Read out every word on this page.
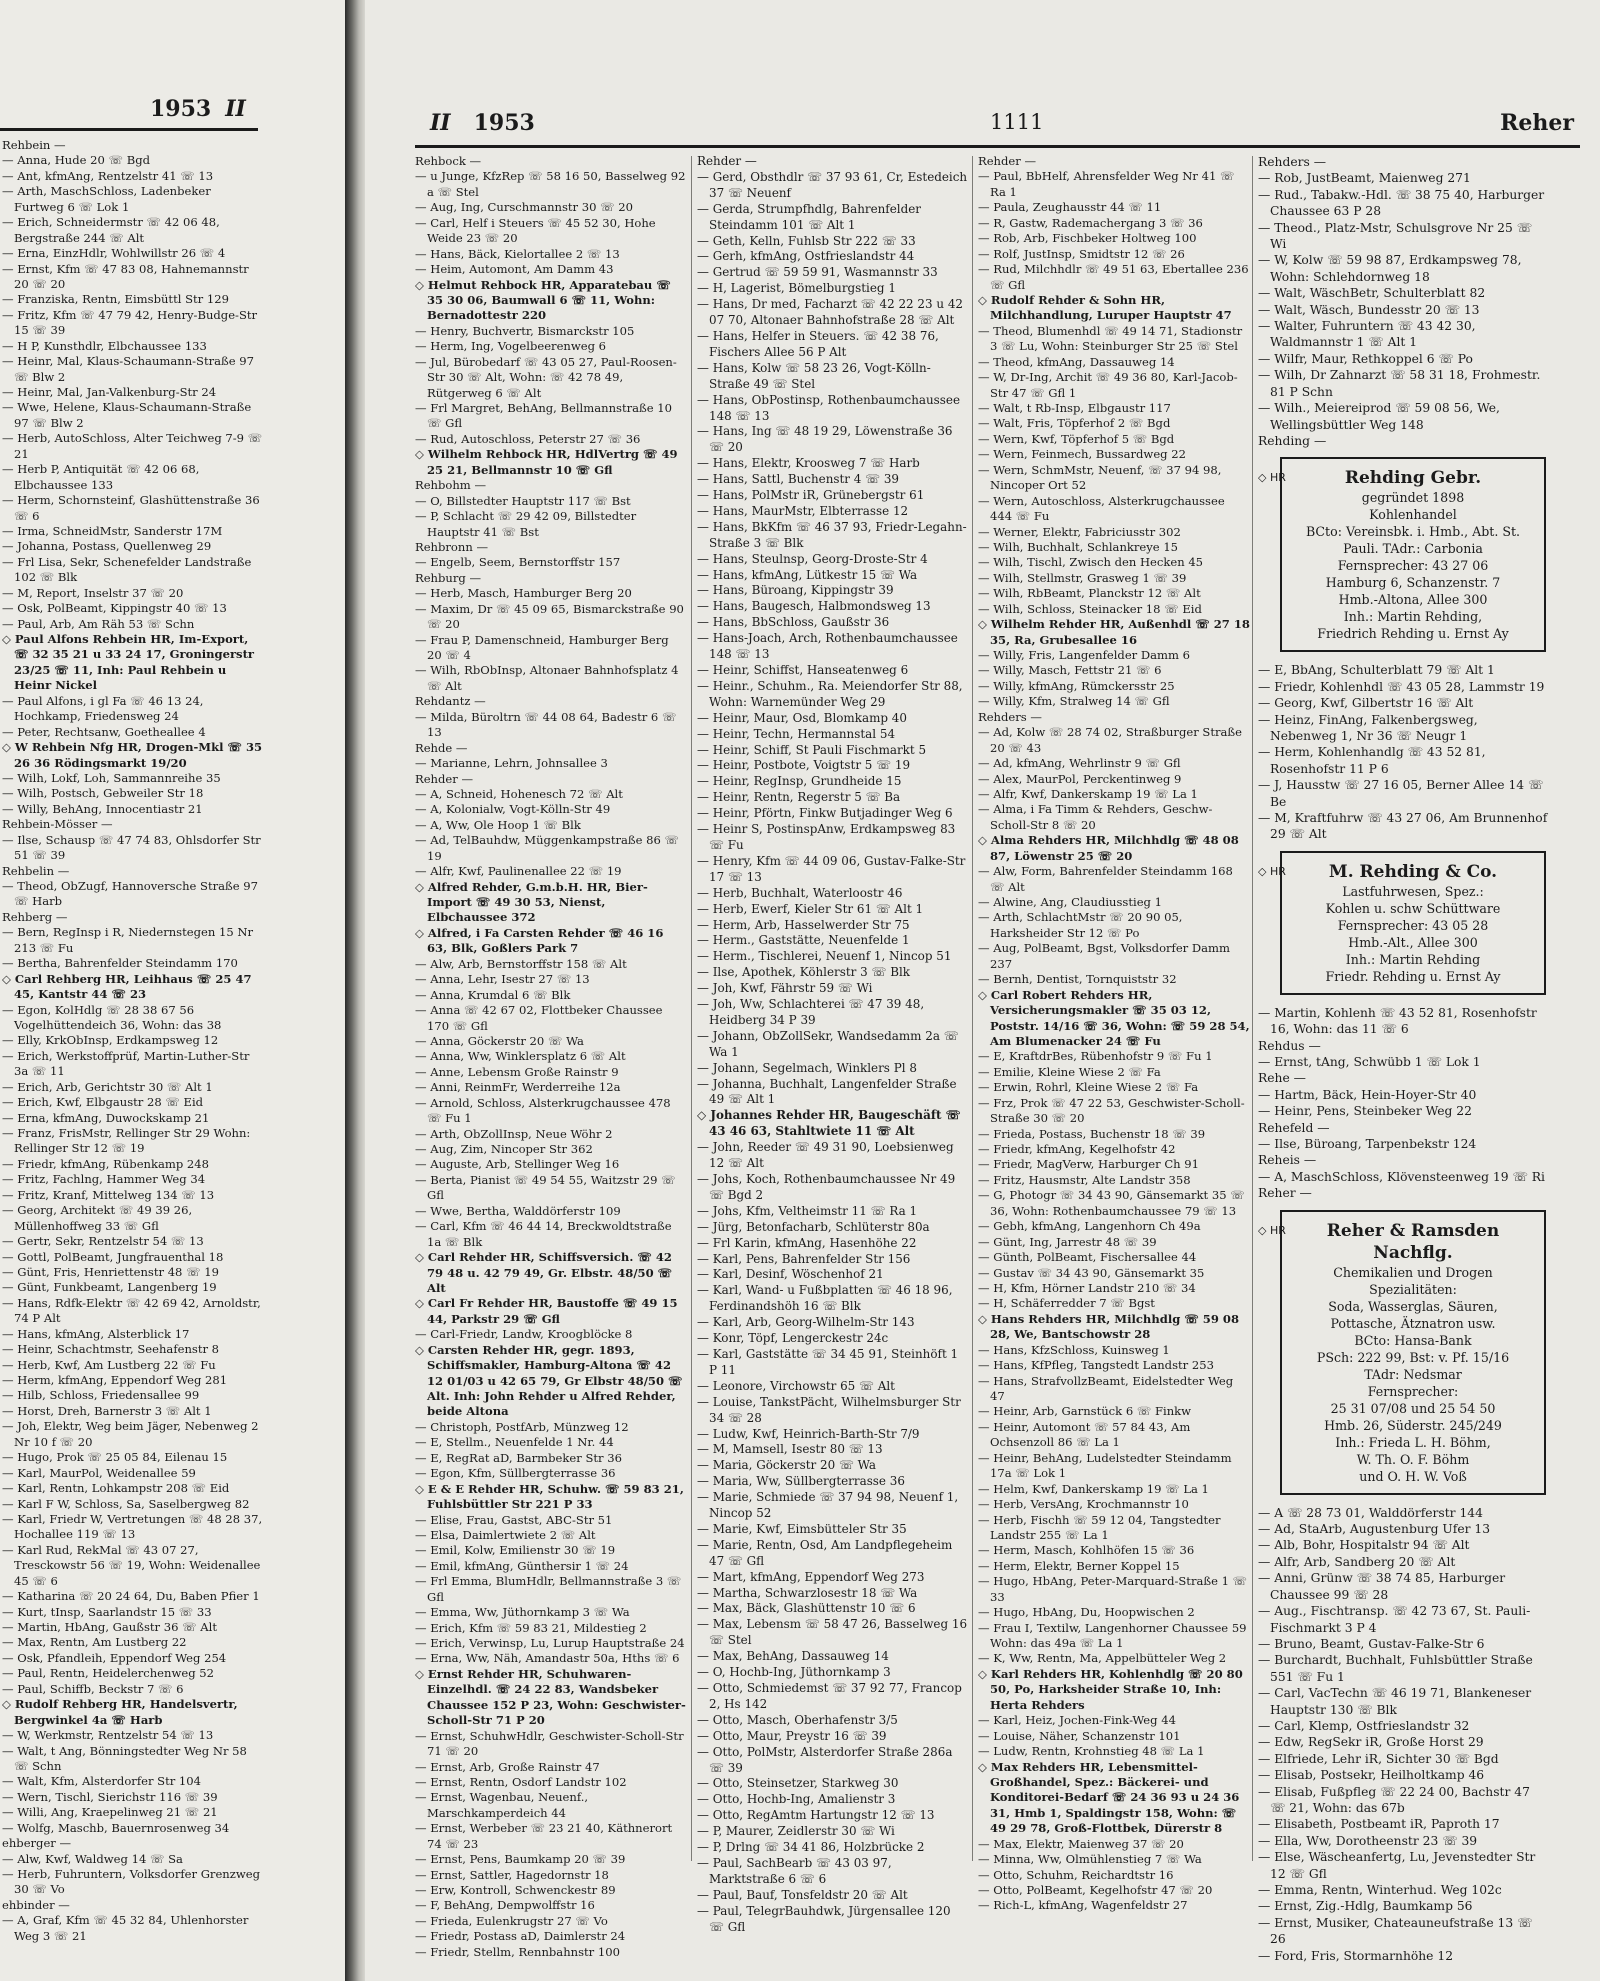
1953 II

Rehbein —

— Anna, Hude 20 ☏ Bgd

— Ant, kfmAng, Rentzelstr 41 ☏ 13

— Arth, MaschSchloss, Ladenbeker Furtweg 6 ☏ Lok 1

— Erich, Schneidermstr ☏ 42 06 48, Bergstraße 244 ☏ Alt

— Erna, EinzHdlr, Wohlwillstr 26 ☏ 4

— Ernst, Kfm ☏ 47 83 08, Hahnemannstr 20 ☏ 20

— Franziska, Rentn, Eimsbüttl Str 129

— Fritz, Kfm ☏ 47 79 42, Henry-Budge-Str 15 ☏ 39

— H P, Kunsthdlr, Elbchaussee 133

— Heinr, Mal, Klaus-Schaumann-Straße 97 ☏ Blw 2

— Heinr, Mal, Jan-Valkenburg-Str 24

— Wwe, Helene, Klaus-Schaumann-Straße 97 ☏ Blw 2

— Herb, AutoSchloss, Alter Teichweg 7-9 ☏ 21

— Herb P, Antiquität ☏ 42 06 68, Elbchaussee 133

— Herm, Schornsteinf, Glashüttenstraße 36 ☏ 6

— Irma, SchneidMstr, Sanderstr 17M

— Johanna, Postass, Quellenweg 29

— Frl Lisa, Sekr, Schenefelder Landstraße 102 ☏ Blk

— M, Report, Inselstr 37 ☏ 20

— Osk, PolBeamt, Kippingstr 40 ☏ 13

— Paul, Arb, Am Räh 53 ☏ Schn

◇ Paul Alfons Rehbein HR, Im-Export, ☏ 32 35 21 u 33 24 17, Groningerstr 23/25 ☏ 11, Inh: Paul Rehbein u Heinr Nickel

— Paul Alfons, i gl Fa ☏ 46 13 24, Hochkamp, Friedensweg 24

— Peter, Rechtsanw, Goetheallee 4

◇ W Rehbein Nfg HR, Drogen-Mkl ☏ 35 26 36 Rödingsmarkt 19/20

— Wilh, Lokf, Loh, Sammannreihe 35

— Wilh, Postsch, Gebweiler Str 18

— Willy, BehAng, Innocentiastr 21

Rehbein-Mösser —

— Ilse, Schausp ☏ 47 74 83, Ohlsdorfer Str 51 ☏ 39

Rehbelin —

— Theod, ObZugf, Hannoversche Straße 97 ☏ Harb

Rehberg —

— Bern, RegInsp i R, Niedernstegen 15 Nr 213 ☏ Fu

— Bertha, Bahrenfelder Steindamm 170

◇ Carl Rehberg HR, Leihhaus ☏ 25 47 45, Kantstr 44 ☏ 23

— Egon, KolHdlg ☏ 28 38 67 56 Vogelhüttendeich 36, Wohn: das 38

— Elly, KrkObInsp, Erdkampsweg 12

— Erich, Werkstoffprüf, Martin-Luther-Str 3a ☏ 11

— Erich, Arb, Gerichtstr 30 ☏ Alt 1

— Erich, Kwf, Elbgaustr 28 ☏ Eid

— Erna, kfmAng, Duwockskamp 21

— Franz, FrisMstr, Rellinger Str 29 Wohn: Rellinger Str 12 ☏ 19

— Friedr, kfmAng, Rübenkamp 248

— Fritz, Fachlng, Hammer Weg 34

— Fritz, Kranf, Mittelweg 134 ☏ 13

— Georg, Architekt ☏ 49 39 26, Müllenhoffweg 33 ☏ Gfl

— Gertr, Sekr, Rentzelstr 54 ☏ 13

— Gottl, PolBeamt, Jungfrauenthal 18

— Günt, Fris, Henriettenstr 48 ☏ 19

— Günt, Funkbeamt, Langenberg 19

— Hans, Rdfk-Elektr ☏ 42 69 42, Arnoldstr, 74 P Alt

— Hans, kfmAng, Alsterblick 17

— Heinr, Schachtmstr, Seehafenstr 8

— Herb, Kwf, Am Lustberg 22 ☏ Fu

— Herm, kfmAng, Eppendorf Weg 281

— Hilb, Schloss, Friedensallee 99

— Horst, Dreh, Barnerstr 3 ☏ Alt 1

— Joh, Elektr, Weg beim Jäger, Nebenweg 2 Nr 10 f ☏ 20

— Hugo, Prok ☏ 25 05 84, Eilenau 15

— Karl, MaurPol, Weidenallee 59

— Karl, Rentn, Lohkampstr 208 ☏ Eid

— Karl F W, Schloss, Sa, Saselbergweg 82

— Karl, Friedr W, Vertretungen ☏ 48 28 37, Hochallee 119 ☏ 13

— Karl Rud, RekMal ☏ 43 07 27, Tresckowstr 56 ☏ 19, Wohn: Weidenallee 45 ☏ 6

— Katharina ☏ 20 24 64, Du, Baben Pfier 1

— Kurt, tInsp, Saarlandstr 15 ☏ 33

— Martin, HbAng, Gaußstr 36 ☏ Alt

— Max, Rentn, Am Lustberg 22

— Osk, Pfandleih, Eppendorf Weg 254

— Paul, Rentn, Heidelerchenweg 52

— Paul, Schiffb, Beckstr 7 ☏ 6

◇ Rudolf Rehberg HR, Handelsvertr, Bergwinkel 4a ☏ Harb

— W, Werkmstr, Rentzelstr 54 ☏ 13

— Walt, t Ang, Bönningstedter Weg Nr 58 ☏ Schn

— Walt, Kfm, Alsterdorfer Str 104

— Wern, Tischl, Sierichstr 116 ☏ 39

— Willi, Ang, Kraepelinweg 21 ☏ 21

— Wolfg, Maschb, Bauernrosenweg 34

ehberger —

— Alw, Kwf, Waldweg 14 ☏ Sa

— Herb, Fuhruntern, Volksdorfer Grenzweg 30 ☏ Vo

ehbinder —

— A, Graf, Kfm ☏ 45 32 84, Uhlenhorster Weg 3 ☏ 21

II 1953	1111	Reher

Rehbock —

— u Junge, KfzRep ☏ 58 16 50, Basselweg 92 a ☏ Stel

— Aug, Ing, Curschmannstr 30 ☏ 20

— Carl, Helf i Steuers ☏ 45 52 30, Hohe Weide 23 ☏ 20

— Hans, Bäck, Kielortallee 2 ☏ 13

— Heim, Automont, Am Damm 43

◇ Helmut Rehbock HR, Apparatebau ☏ 35 30 06, Baumwall 6 ☏ 11, Wohn: Bernadottestr 220

— Henry, Buchvertr, Bismarckstr 105

— Herm, Ing, Vogelbeerenweg 6

— Jul, Bürobedarf ☏ 43 05 27, Paul-Roosen-Str 30 ☏ Alt, Wohn: ☏ 42 78 49, Rütgerweg 6 ☏ Alt

— Frl Margret, BehAng, Bellmannstraße 10 ☏ Gfl

— Rud, Autoschloss, Peterstr 27 ☏ 36

◇ Wilhelm Rehbock HR, HdlVertrg ☏ 49 25 21, Bellmannstr 10 ☏ Gfl

Rehbohm —

— O, Billstedter Hauptstr 117 ☏ Bst

— P, Schlacht ☏ 29 42 09, Billstedter Hauptstr 41 ☏ Bst

Rehbronn —

— Engelb, Seem, Bernstorffstr 157

Rehburg —

— Herb, Masch, Hamburger Berg 20

— Maxim, Dr ☏ 45 09 65, Bismarckstraße 90 ☏ 20

— Frau P, Damenschneid, Hamburger Berg 20 ☏ 4

— Wilh, RbObInsp, Altonaer Bahnhofsplatz 4 ☏ Alt

Rehdantz —

— Milda, Büroltrn ☏ 44 08 64, Badestr 6 ☏ 13

Rehde —

— Marianne, Lehrn, Johnsallee 3

Rehder —

— A, Schneid, Hohenesch 72 ☏ Alt

— A, Kolonialw, Vogt-Kölln-Str 49

— A, Ww, Ole Hoop 1 ☏ Blk

— Ad, TelBauhdw, Müggenkampstraße 86 ☏ 19

— Alfr, Kwf, Paulinenallee 22 ☏ 19

◇ Alfred Rehder, G.m.b.H. HR, Bier-Import ☏ 49 30 53, Nienst, Elbchaussee 372

◇ Alfred, i Fa Carsten Rehder ☏ 46 16 63, Blk, Goßlers Park 7

— Alw, Arb, Bernstorffstr 158 ☏ Alt

— Anna, Lehr, Isestr 27 ☏ 13

— Anna, Krumdal 6 ☏ Blk

— Anna ☏ 42 67 02, Flottbeker Chaussee 170 ☏ Gfl

— Anna, Göckerstr 20 ☏ Wa

— Anna, Ww, Winklersplatz 6 ☏ Alt

— Anne, Lebensm Große Rainstr 9

— Anni, ReinmFr, Werderreihe 12a

— Arnold, Schloss, Alsterkrugchaussee 478 ☏ Fu 1

— Arth, ObZollInsp, Neue Wöhr 2

— Aug, Zim, Nincoper Str 362

— Auguste, Arb, Stellinger Weg 16

— Berta, Pianist ☏ 49 54 55, Waitzstr 29 ☏ Gfl

— Wwe, Bertha, Walddörferstr 109

— Carl, Kfm ☏ 46 44 14, Breckwoldtstraße 1a ☏ Blk

◇ Carl Rehder HR, Schiffsversich. ☏ 42 79 48 u. 42 79 49, Gr. Elbstr. 48/50 ☏ Alt

◇ Carl Fr Rehder HR, Baustoffe ☏ 49 15 44, Parkstr 29 ☏ Gfl

— Carl-Friedr, Landw, Kroogblöcke 8

◇ Carsten Rehder HR, gegr. 1893, Schiffsmakler, Hamburg-Altona ☏ 42 12 01/03 u 42 65 79, Gr Elbstr 48/50 ☏ Alt. Inh: John Rehder u Alfred Rehder, beide Altona

— Christoph, PostfArb, Münzweg 12

— E, Stellm., Neuenfelde 1 Nr. 44

— E, RegRat aD, Barmbeker Str 36

— Egon, Kfm, Süllbergterrasse 36

◇ E & E Rehder HR, Schuhw. ☏ 59 83 21, Fuhlsbüttler Str 221 P 33

— Elise, Frau, Gastst, ABC-Str 51

— Elsa, Daimlertwiete 2 ☏ Alt

— Emil, Kolw, Emilienstr 30 ☏ 19

— Emil, kfmAng, Günthersir 1 ☏ 24

— Frl Emma, BlumHdlr, Bellmannstraße 3 ☏ Gfl

— Emma, Ww, Jüthornkamp 3 ☏ Wa

— Erich, Kfm ☏ 59 83 21, Mildestieg 2

— Erich, Verwinsp, Lu, Lurup Hauptstraße 24

— Erna, Ww, Näh, Amandastr 50a, Hths ☏ 6

◇ Ernst Rehder HR, Schuhwaren-Einzelhdl. ☏ 24 22 83, Wandsbeker Chaussee 152 P 23, Wohn: Geschwister-Scholl-Str 71 P 20

— Ernst, SchuhwHdlr, Geschwister-Scholl-Str 71 ☏ 20

— Ernst, Arb, Große Rainstr 47

— Ernst, Rentn, Osdorf Landstr 102

— Ernst, Wagenbau, Neuenf., Marschkamperdeich 44

— Ernst, Werbeber ☏ 23 21 40, Käthnerort 74 ☏ 23

— Ernst, Pens, Baumkamp 20 ☏ 39

— Ernst, Sattler, Hagedornstr 18

— Erw, Kontroll, Schwenckestr 89

— F, BehAng, Dempwolffstr 16

— Frieda, Eulenkrugstr 27 ☏ Vo

— Friedr, Postass aD, Daimlerstr 24

— Friedr, Stellm, Rennbahnstr 100

Rehder —

— Gerd, Obsthdlr ☏ 37 93 61, Cr, Estedeich 37 ☏ Neuenf

— Gerda, Strumpfhdlg, Bahrenfelder Steindamm 101 ☏ Alt 1

— Geth, Kelln, Fuhlsb Str 222 ☏ 33

— Gerh, kfmAng, Ostfrieslandstr 44

— Gertrud ☏ 59 59 91, Wasmannstr 33

— H, Lagerist, Bömelburgstieg 1

— Hans, Dr med, Facharzt ☏ 42 22 23 u 42 07 70, Altonaer Bahnhofstraße 28 ☏ Alt

— Hans, Helfer in Steuers. ☏ 42 38 76, Fischers Allee 56 P Alt

— Hans, Kolw ☏ 58 23 26, Vogt-Kölln-Straße 49 ☏ Stel

— Hans, ObPostinsp, Rothenbaumchaussee 148 ☏ 13

— Hans, Ing ☏ 48 19 29, Löwenstraße 36 ☏ 20

— Hans, Elektr, Kroosweg 7 ☏ Harb

— Hans, Sattl, Buchenstr 4 ☏ 39

— Hans, PolMstr iR, Grünebergstr 61

— Hans, MaurMstr, Elbterrasse 12

— Hans, BkKfm ☏ 46 37 93, Friedr-Legahn-Straße 3 ☏ Blk

— Hans, Steulnsp, Georg-Droste-Str 4

— Hans, kfmAng, Lütkestr 15 ☏ Wa

— Hans, Büroang, Kippingstr 39

— Hans, Baugesch, Halbmondsweg 13

— Hans, BbSchloss, Gaußstr 36

— Hans-Joach, Arch, Rothenbaumchaussee 148 ☏ 13

— Heinr, Schiffst, Hanseatenweg 6

— Heinr., Schuhm., Ra. Meiendorfer Str 88, Wohn: Warnemünder Weg 29

— Heinr, Maur, Osd, Blomkamp 40

— Heinr, Techn, Hermannstal 54

— Heinr, Schiff, St Pauli Fischmarkt 5

— Heinr, Postbote, Voigtstr 5 ☏ 19

— Heinr, RegInsp, Grundheide 15

— Heinr, Rentn, Regerstr 5 ☏ Ba

— Heinr, Pförtn, Finkw Butjadinger Weg 6

— Heinr S, PostinspAnw, Erdkampsweg 83 ☏ Fu

— Henry, Kfm ☏ 44 09 06, Gustav-Falke-Str 17 ☏ 13

— Herb, Buchhalt, Waterloostr 46

— Herb, Ewerf, Kieler Str 61 ☏ Alt 1

— Herm, Arb, Hasselwerder Str 75

— Herm., Gaststätte, Neuenfelde 1

— Herm., Tischlerei, Neuenf 1, Nincop 51

— Ilse, Apothek, Köhlerstr 3 ☏ Blk

— Joh, Kwf, Fährstr 59 ☏ Wi

— Joh, Ww, Schlachterei ☏ 47 39 48, Heidberg 34 P 39

— Johann, ObZollSekr, Wandsedamm 2a ☏ Wa 1

— Johann, Segelmach, Winklers Pl 8

— Johanna, Buchhalt, Langenfelder Straße 49 ☏ Alt 1

◇ Johannes Rehder HR, Baugeschäft ☏ 43 46 63, Stahltwiete 11 ☏ Alt

— John, Reeder ☏ 49 31 90, Loebsienweg 12 ☏ Alt

— Johs, Koch, Rothenbaumchaussee Nr 49 ☏ Bgd 2

— Johs, Kfm, Veltheimstr 11 ☏ Ra 1

— Jürg, Betonfacharb, Schlüterstr 80a

— Frl Karin, kfmAng, Hasenhöhe 22

— Karl, Pens, Bahrenfelder Str 156

— Karl, Desinf, Wöschenhof 21

— Karl, Wand- u Fußbplatten ☏ 46 18 96, Ferdinandshöh 16 ☏ Blk

— Karl, Arb, Georg-Wilhelm-Str 143

— Konr, Töpf, Lengerckestr 24c

— Karl, Gaststätte ☏ 34 45 91, Steinhöft 1 P 11

— Leonore, Virchowstr 65 ☏ Alt

— Louise, TankstPächt, Wilhelmsburger Str 34 ☏ 28

— Ludw, Kwf, Heinrich-Barth-Str 7/9

— M, Mamsell, Isestr 80 ☏ 13

— Maria, Göckerstr 20 ☏ Wa

— Maria, Ww, Süllbergterrasse 36

— Marie, Schmiede ☏ 37 94 98, Neuenf 1, Nincop 52

— Marie, Kwf, Eimsbütteler Str 35

— Marie, Rentn, Osd, Am Landpflegeheim 47 ☏ Gfl

— Mart, kfmAng, Eppendorf Weg 273

— Martha, Schwarzlosestr 18 ☏ Wa

— Max, Bäck, Glashüttenstr 10 ☏ 6

— Max, Lebensm ☏ 58 47 26, Basselweg 16 ☏ Stel

— Max, BehAng, Dassauweg 14

— O, Hochb-Ing, Jüthornkamp 3

— Otto, Schmiedemst ☏ 37 92 77, Francop 2, Hs 142

— Otto, Masch, Oberhafenstr 3/5

— Otto, Maur, Preystr 16 ☏ 39

— Otto, PolMstr, Alsterdorfer Straße 286a ☏ 39

— Otto, Steinsetzer, Starkweg 30

— Otto, Hochb-Ing, Amalienstr 3

— Otto, RegAmtm Hartungstr 12 ☏ 13

— P, Maurer, Zeidlerstr 30 ☏ Wi

— P, Drlng ☏ 34 41 86, Holzbrücke 2

— Paul, SachBearb ☏ 43 03 97, Marktstraße 6 ☏ 6

— Paul, Bauf, Tonsfeldstr 20 ☏ Alt

— Paul, TelegrBauhdwk, Jürgensallee 120 ☏ Gfl

Rehder —

— Paul, BbHelf, Ahrensfelder Weg Nr 41 ☏ Ra 1

— Paula, Zeughausstr 44 ☏ 11

— R, Gastw, Rademachergang 3 ☏ 36

— Rob, Arb, Fischbeker Holtweg 100

— Rolf, JustInsp, Smidtstr 12 ☏ 26

— Rud, Milchhdlr ☏ 49 51 63, Ebertallee 236 ☏ Gfl

◇ Rudolf Rehder & Sohn HR, Milchhandlung, Luruper Hauptstr 47

— Theod, Blumenhdl ☏ 49 14 71, Stadionstr 3 ☏ Lu, Wohn: Steinburger Str 25 ☏ Stel

— Theod, kfmAng, Dassauweg 14

— W, Dr-Ing, Archit ☏ 49 36 80, Karl-Jacob-Str 47 ☏ Gfl 1

— Walt, t Rb-Insp, Elbgaustr 117

— Walt, Fris, Töpferhof 2 ☏ Bgd

— Wern, Kwf, Töpferhof 5 ☏ Bgd

— Wern, Feinmech, Bussardweg 22

— Wern, SchmMstr, Neuenf, ☏ 37 94 98, Nincoper Ort 52

— Wern, Autoschloss, Alsterkrugchaussee 444 ☏ Fu

— Werner, Elektr, Fabriciusstr 302

— Wilh, Buchhalt, Schlankreye 15

— Wilh, Tischl, Zwisch den Hecken 45

— Wilh, Stellmstr, Grasweg 1 ☏ 39

— Wilh, RbBeamt, Planckstr 12 ☏ Alt

— Wilh, Schloss, Steinacker 18 ☏ Eid

◇ Wilhelm Rehder HR, Außenhdl ☏ 27 18 35, Ra, Grubesallee 16

— Willy, Fris, Langenfelder Damm 6

— Willy, Masch, Fettstr 21 ☏ 6

— Willy, kfmAng, Rümckersstr 25

— Willy, Kfm, Stralweg 14 ☏ Gfl

Rehders —

— Ad, Kolw ☏ 28 74 02, Straßburger Straße 20 ☏ 43

— Ad, kfmAng, Wehrlinstr 9 ☏ Gfl

— Alex, MaurPol, Perckentinweg 9

— Alfr, Kwf, Dankerskamp 19 ☏ La 1

— Alma, i Fa Timm & Rehders, Geschw-Scholl-Str 8 ☏ 20

◇ Alma Rehders HR, Milchhdlg ☏ 48 08 87, Löwenstr 25 ☏ 20

— Alw, Form, Bahrenfelder Steindamm 168 ☏ Alt

— Alwine, Ang, Claudiusstieg 1

— Arth, SchlachtMstr ☏ 20 90 05, Harksheider Str 12 ☏ Po

— Aug, PolBeamt, Bgst, Volksdorfer Damm 237

— Bernh, Dentist, Tornquiststr 32

◇ Carl Robert Rehders HR, Versicherungsmakler ☏ 35 03 12, Poststr. 14/16 ☏ 36, Wohn: ☏ 59 28 54, Am Blumenacker 24 ☏ Fu

— E, KraftdrBes, Rübenhofstr 9 ☏ Fu 1

— Emilie, Kleine Wiese 2 ☏ Fa

— Erwin, Rohrl, Kleine Wiese 2 ☏ Fa

— Frz, Prok ☏ 47 22 53, Geschwister-Scholl-Straße 30 ☏ 20

— Frieda, Postass, Buchenstr 18 ☏ 39

— Friedr, kfmAng, Kegelhofstr 42

— Friedr, MagVerw, Harburger Ch 91

— Fritz, Hausmstr, Alte Landstr 358

— G, Photogr ☏ 34 43 90, Gänsemarkt 35 ☏ 36, Wohn: Rothenbaumchaussee 79 ☏ 13

— Gebh, kfmAng, Langenhorn Ch 49a

— Günt, Ing, Jarrestr 48 ☏ 39

— Günth, PolBeamt, Fischersallee 44

— Gustav ☏ 34 43 90, Gänsemarkt 35

— H, Kfm, Hörner Landstr 210 ☏ 34

— H, Schäferredder 7 ☏ Bgst

◇ Hans Rehders HR, Milchhdlg ☏ 59 08 28, We, Bantschowstr 28

— Hans, KfzSchloss, Kuinsweg 1

— Hans, KfPfleg, Tangstedt Landstr 253

— Hans, StrafvollzBeamt, Eidelstedter Weg 47

— Heinr, Arb, Garnstück 6 ☏ Finkw

— Heinr, Automont ☏ 57 84 43, Am Ochsenzoll 86 ☏ La 1

— Heinr, BehAng, Ludelstedter Steindamm 17a ☏ Lok 1

— Helm, Kwf, Dankerskamp 19 ☏ La 1

— Herb, VersAng, Krochmannstr 10

— Herb, Fischh ☏ 59 12 04, Tangstedter Landstr 255 ☏ La 1

— Herm, Masch, Kohlhöfen 15 ☏ 36

— Herm, Elektr, Berner Koppel 15

— Hugo, HbAng, Peter-Marquard-Straße 1 ☏ 33

— Hugo, HbAng, Du, Hoopwischen 2

— Frau I, Textilw, Langenhorner Chaussee 59 Wohn: das 49a ☏ La 1

— K, Ww, Rentn, Ma, Appelbütteler Weg 2

◇ Karl Rehders HR, Kohlenhdlg ☏ 20 80 50, Po, Harksheider Straße 10, Inh: Herta Rehders

— Karl, Heiz, Jochen-Fink-Weg 44

— Louise, Näher, Schanzenstr 101

— Ludw, Rentn, Krohnstieg 48 ☏ La 1

◇ Max Rehders HR, Lebensmittel-Großhandel, Spez.: Bäckerei- und Konditorei-Bedarf ☏ 24 36 93 u 24 36 31, Hmb 1, Spaldingstr 158, Wohn: ☏ 49 29 78, Groß-Flottbek, Dürerstr 8

— Max, Elektr, Maienweg 37 ☏ 20

— Minna, Ww, Olmühlenstieg 7 ☏ Wa

— Otto, Schuhm, Reichardtstr 16

— Otto, PolBeamt, Kegelhofstr 47 ☏ 20

— Rich-L, kfmAng, Wagenfeldstr 27

Rehders —

— Rob, JustBeamt, Maienweg 271

— Rud., Tabakw.-Hdl. ☏ 38 75 40, Harburger Chaussee 63 P 28

— Theod., Platz-Mstr, Schulsgrove Nr 25 ☏ Wi

— W, Kolw ☏ 59 98 87, Erdkampsweg 78, Wohn: Schlehdornweg 18

— Walt, WäschBetr, Schulterblatt 82

— Walt, Wäsch, Bundesstr 20 ☏ 13

— Walter, Fuhruntern ☏ 43 42 30, Waldmannstr 1 ☏ Alt 1

— Wilfr, Maur, Rethkoppel 6 ☏ Po

— Wilh, Dr Zahnarzt ☏ 58 31 18, Frohmestr. 81 P Schn

— Wilh., Meiereiprod ☏ 59 08 56, We, Wellingsbüttler Weg 148

Rehding —

◇ HR	Rehding Gebr.
gegründet 1898
Kohlenhandel
BCto: Vereinsbk. i. Hmb., Abt. St. Pauli. TAdr.: Carbonia
Fernsprecher: 43 27 06
Hamburg 6, Schanzenstr. 7
Hmb.-Altona, Allee 300
Inh.: Martin Rehding,
Friedrich Rehding u. Ernst Ay

— E, BbAng, Schulterblatt 79 ☏ Alt 1

— Friedr, Kohlenhdl ☏ 43 05 28, Lammstr 19

— Georg, Kwf, Gilbertstr 16 ☏ Alt

— Heinz, FinAng, Falkenbergsweg, Nebenweg 1, Nr 36 ☏ Neugr 1

— Herm, Kohlenhandlg ☏ 43 52 81, Rosenhofstr 11 P 6

— J, Hausstw ☏ 27 16 05, Berner Allee 14 ☏ Be

— M, Kraftfuhrw ☏ 43 27 06, Am Brunnenhof 29 ☏ Alt

◇ HR	M. Rehding & Co.
Lastfuhrwesen, Spez.:
Kohlen u. schw Schüttware
Fernsprecher: 43 05 28
Hmb.-Alt., Allee 300
Inh.: Martin Rehding
Friedr. Rehding u. Ernst Ay

— Martin, Kohlenh ☏ 43 52 81, Rosenhofstr 16, Wohn: das 11 ☏ 6

Rehdus —

— Ernst, tAng, Schwübb 1 ☏ Lok 1

Rehe —

— Hartm, Bäck, Hein-Hoyer-Str 40

— Heinr, Pens, Steinbeker Weg 22

Rehefeld —

— Ilse, Büroang, Tarpenbekstr 124

Reheis —

— A, MaschSchloss, Klövensteenweg 19 ☏ Ri

Reher —

◇ HR	Reher & Ramsden Nachflg.
Chemikalien und Drogen
Spezialitäten:
Soda, Wasserglas, Säuren,
Pottasche, Ätznatron usw.
BCto: Hansa-Bank
PSch: 222 99, Bst: v. Pf. 15/16
TAdr: Nedsmar
Fernsprecher:
25 31 07/08 und 25 54 50
Hmb. 26, Süderstr. 245/249
Inh.: Frieda L. H. Böhm,
W. Th. O. F. Böhm
und O. H. W. Voß

— A ☏ 28 73 01, Walddörferstr 144

— Ad, StaArb, Augustenburg Ufer 13

— Alb, Bohr, Hospitalstr 94 ☏ Alt

— Alfr, Arb, Sandberg 20 ☏ Alt

— Anni, Grünw ☏ 38 74 85, Harburger Chaussee 99 ☏ 28

— Aug., Fischtransp. ☏ 42 73 67, St. Pauli-Fischmarkt 3 P 4

— Bruno, Beamt, Gustav-Falke-Str 6

— Burchardt, Buchhalt, Fuhlsbüttler Straße 551 ☏ Fu 1

— Carl, VacTechn ☏ 46 19 71, Blankeneser Hauptstr 130 ☏ Blk

— Carl, Klemp, Ostfrieslandstr 32

— Edw, RegSekr iR, Große Horst 29

— Elfriede, Lehr iR, Sichter 30 ☏ Bgd

— Elisab, Postsekr, Heilholtkamp 46

— Elisab, Fußpfleg ☏ 22 24 00, Bachstr 47 ☏ 21, Wohn: das 67b

— Elisabeth, Postbeamt iR, Paproth 17

— Ella, Ww, Dorotheenstr 23 ☏ 39

— Else, Wäscheanfertg, Lu, Jevenstedter Str 12 ☏ Gfl

— Emma, Rentn, Winterhud. Weg 102c

— Ernst, Zig.-Hdlg, Baumkamp 56

— Ernst, Musiker, Chateauneufstraße 13 ☏ 26

— Ford, Fris, Stormarnhöhe 12
